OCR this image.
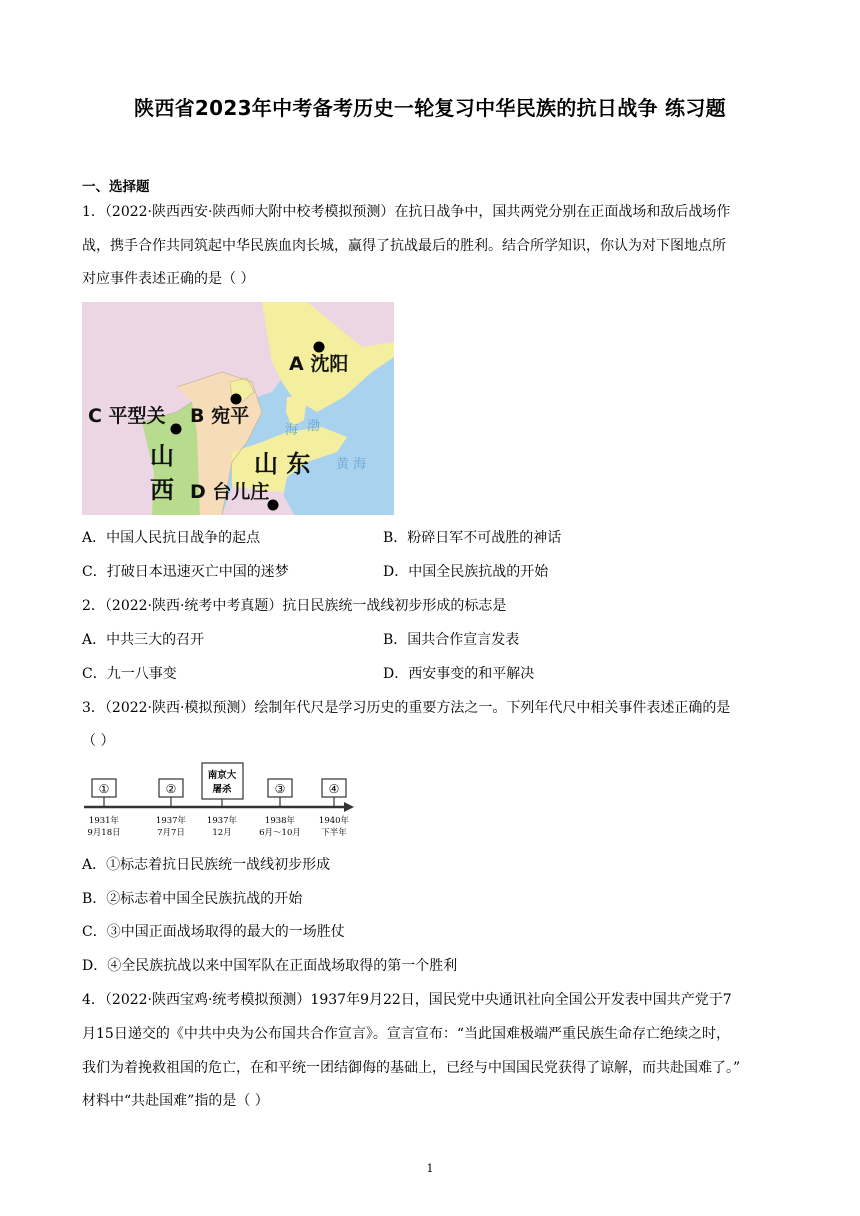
陕西省2023年中考备考历史一轮复习中华民族的抗日战争 练习题
一、选择题
1．（2022·陕西西安·陕西师大附中校考模拟预测）在抗日战争中，国共两党分别在正面战场和敌后战场作
战，携手合作共同筑起中华民族血肉长城，赢得了抗战最后的胜利。结合所学知识，你认为对下图地点所
对应事件表述正确的是（ ）
A 沈阳
B 宛平
C 平型关
D 台儿庄
山
西
山 东
渤
海
黄 海
A．中国人民抗日战争的起点	B．粉碎日军不可战胜的神话
C．打破日本迅速灭亡中国的迷梦	D．中国全民族抗战的开始
2．（2022·陕西·统考中考真题）抗日民族统一战线初步形成的标志是
A．中共三大的召开	B．国共合作宣言发表
C．九一八事变	D．西安事变的和平解决
3．（2022·陕西·模拟预测）绘制年代尺是学习历史的重要方法之一。下列年代尺中相关事件表述正确的是
（ ）
①	②
南京大
屠杀	③	④
1931年
9月18日
1937年
7月7日
1937年
12月
1938年
6月～10月
1940年
下半年
A．①标志着抗日民族统一战线初步形成
B．②标志着中国全民族抗战的开始
C．③中国正面战场取得的最大的一场胜仗
D．④全民族抗战以来中国军队在正面战场取得的第一个胜利
4．（2022·陕西宝鸡·统考模拟预测）1937年9月22日，国民党中央通讯社向全国公开发表中国共产党于7
月15日递交的《中共中央为公布国共合作宣言》。宣言宣布：“当此国难极端严重民族生命存亡绝续之时，
我们为着挽救祖国的危亡，在和平统一团结御侮的基础上，已经与中国国民党获得了谅解，而共赴国难了。”
材料中“共赴国难”指的是（ ）
1
